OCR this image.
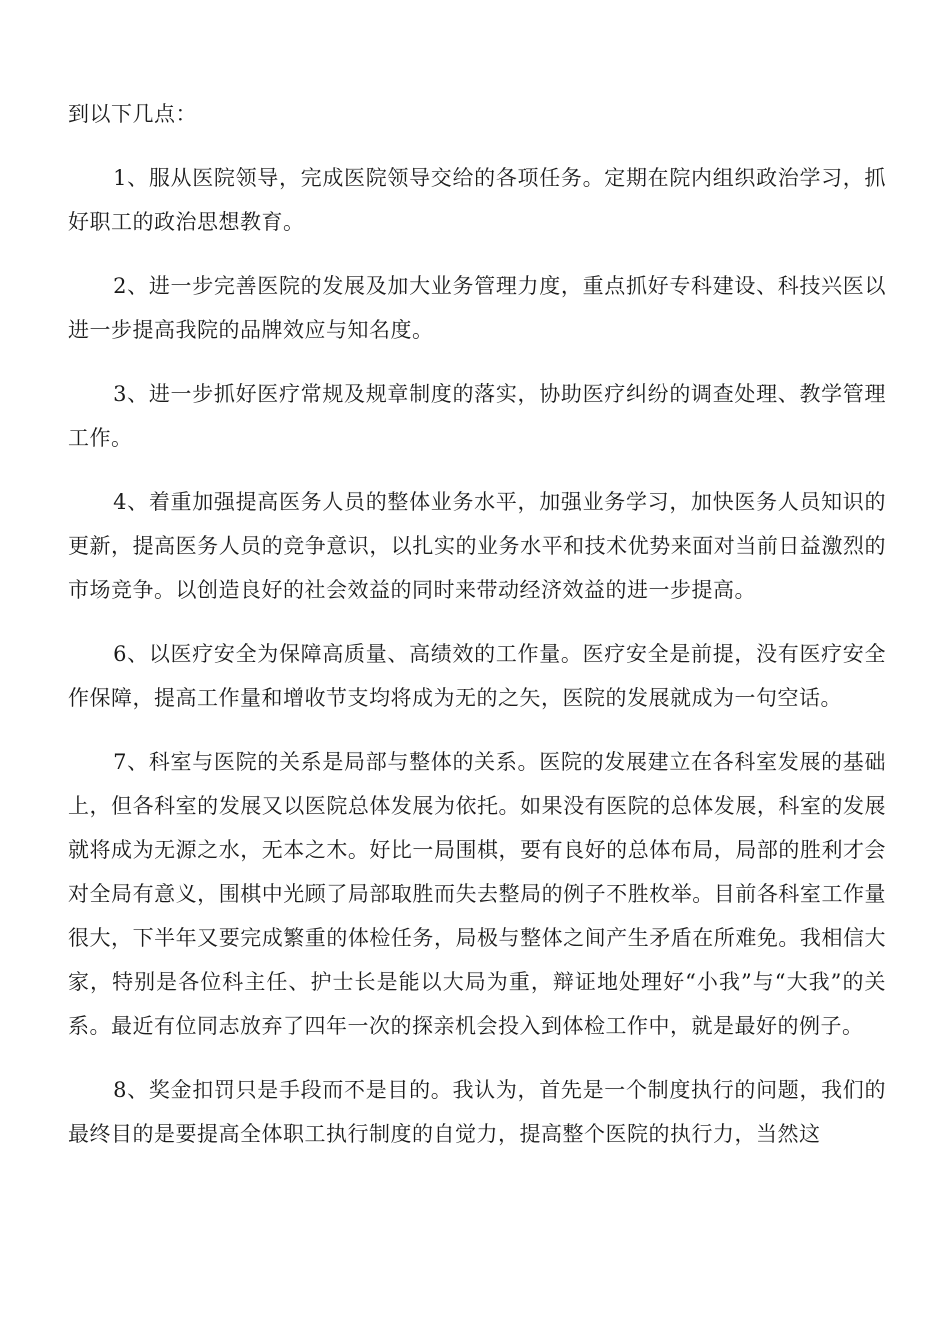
到以下几点：

1、服从医院领导，完成医院领导交给的各项任务。定期在院内组织政治学习，抓好职工的政治思想教育。

2、进一步完善医院的发展及加大业务管理力度，重点抓好专科建设、科技兴医以进一步提高我院的品牌效应与知名度。

3、进一步抓好医疗常规及规章制度的落实，协助医疗纠纷的调查处理、教学管理工作。

4、着重加强提高医务人员的整体业务水平，加强业务学习，加快医务人员知识的更新，提高医务人员的竞争意识，以扎实的业务水平和技术优势来面对当前日益激烈的市场竞争。以创造良好的社会效益的同时来带动经济效益的进一步提高。

6、以医疗安全为保障高质量、高绩效的工作量。医疗安全是前提，没有医疗安全作保障，提高工作量和增收节支均将成为无的之矢，医院的发展就成为一句空话。

7、科室与医院的关系是局部与整体的关系。医院的发展建立在各科室发展的基础上，但各科室的发展又以医院总体发展为依托。如果没有医院的总体发展，科室的发展就将成为无源之水，无本之木。好比一局围棋，要有良好的总体布局，局部的胜利才会对全局有意义，围棋中光顾了局部取胜而失去整局的例子不胜枚举。目前各科室工作量很大，下半年又要完成繁重的体检任务，局极与整体之间产生矛盾在所难免。我相信大家，特别是各位科主任、护士长是能以大局为重，辩证地处理好“小我”与“大我”的关系。最近有位同志放弃了四年一次的探亲机会投入到体检工作中，就是最好的例子。

8、奖金扣罚只是手段而不是目的。我认为，首先是一个制度执行的问题，我们的最终目的是要提高全体职工执行制度的自觉力，提高整个医院的执行力，当然这
